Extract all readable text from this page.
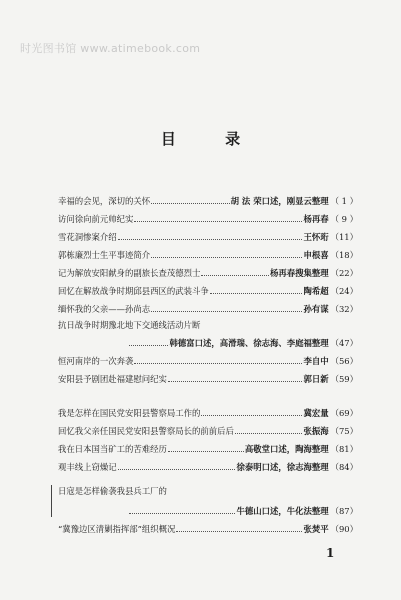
时光图书馆 www.atimebook.com
目 录
幸福的会见，深切的关怀	胡 法 荣口述，刚显云整理 （ 1 ）
访问徐向前元帅纪实	杨再春 （ 9 ）
雪花洞惨案介绍	王怀珩 （11）
郭栋廉烈士生平事迹简介	申根喜 （18）
记为解放安阳献身的副旅长查茂德烈士	杨再春搜集整理 （22）
回忆在解放战争时期邱县西区的武装斗争	陶希超 （24）
缅怀我的父亲——孙尚志	孙有谋 （32）
抗日战争时期豫北地下交通线活动片断
韩德富口述，高滑瑞、徐志海、李庭福整理 （47）
恒河南岸的一次奔袭	李自中 （56）
安阳县予剧团赴福建慰问纪实	郭日新 （59）
我是怎样在国民党安阳县警察局工作的	冀宏量 （69）
回忆我父亲任国民党安阳县警察局长的前前后后	张振海 （75）
我在日本国当矿工的苦难经历	高敬堂口述，陶海整理 （81）
观丰线上窃燥记	徐泰明口述，徐志海整理 （84）
日寇是怎样偷袭我县兵工厂的
牛德山口述，牛化法整理 （87）
“冀豫边区清剿指挥部”组织概况	张焚平 （90）
1
